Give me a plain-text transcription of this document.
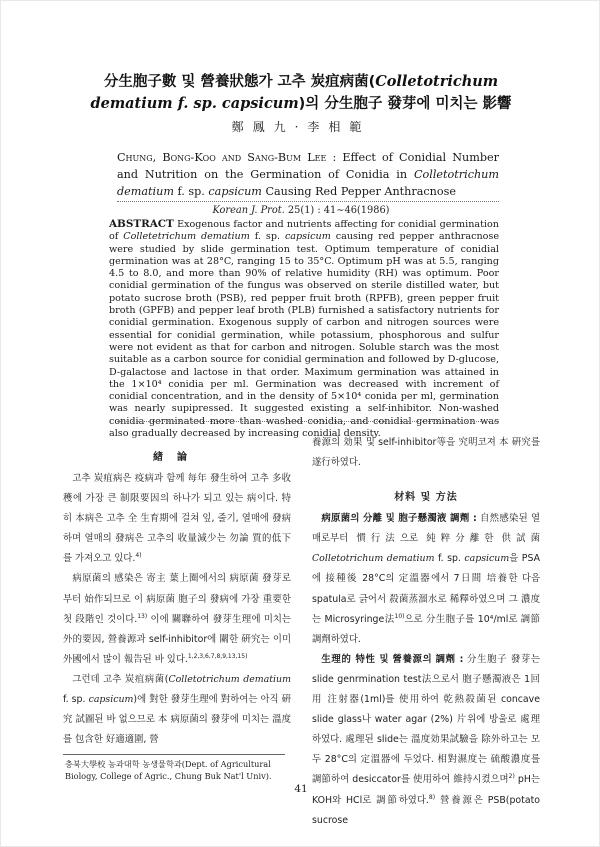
分生胞子數 및 營養狀態가 고추 炭疽病菌(Colletotrichum
dematium f. sp. capsicum)의 分生胞子 發芽에 미치는 影響
鄭鳳九·李相範
Chung, Bong-Koo and Sang-Bum Lee : Effect of Conidial Number and Nutrition on the Germination of Conidia in Colletotrichum dematium f. sp. capsicum Causing Red Pepper Anthracnose
Korean J. Prot. 25(1) : 41∼46(1986)
ABSTRACT Exogenous factor and nutrients affecting for conidial germination of Colletetrichum dematium f. sp. capsicum causing red pepper anthracnose were studied by slide germination test. Optimum temperature of conidial germination was at 28°C, ranging 15 to 35°C. Optimum pH was at 5.5, ranging 4.5 to 8.0, and more than 90% of relative humidity (RH) was optimum. Poor conidial germination of the fungus was observed on sterile distilled water, but potato sucrose broth (PSB), red pepper fruit broth (RPFB), green pepper fruit broth (GPFB) and pepper leaf broth (PLB) furnished a satisfactory nutrients for conidial germination. Exogenous supply of carbon and nitrogen sources were essential for conidial germination, while potassium, phosphorous and sulfur were not evident as that for carbon and nitrogen. Soluble starch was the most suitable as a carbon source for conidial germination and followed by D-glucose, D-galactose and lactose in that order. Maximum germination was attained in the 1×10⁴ conidia per ml. Germination was decreased with increment of conidial concentration, and in the density of 5×10⁴ conida per ml, germination was nearly supipressed. It suggested existing a self-inhibitor. Non-washed conidia germinated more than washed conidia, and conidial germination was also gradually decreased by increasing conidial density.
緖論

고추 炭疽病은 疫病과 함께 每年 發生하여 고추 多收穫에 가장 큰 制限要因의 하나가 되고 있는 病이다. 特히 本病은 고추 全 生育期에 걸쳐 잎, 줄기, 열매에 發病하며 열매의 發病은 고추의 收量減少는 勿論 質的低下를 가져오고 있다.$^{4)}$

病原菌의 感染은 寄主 葉上圈에서의 病原菌 發芽로부터 始作되므로 이 病原菌 胞子의 發病에 가장 重要한 첫 段階인 것이다.$^{13)}$ 이에 關聯하여 發芽生理에 미치는 外的要因, 營養源과 self-inhibitor에 關한 硏究는 이미 外國에서 많이 報告된 바 있다.$^{1,2,3,6,7,8,9,13,15)}$

그런데 고추 炭疽病菌(Colletotrichum dematium f. sp. capsicum)에 對한 發芽生理에 對하여는 아직 硏究 試圖된 바 없으므로 本 病原菌의 發芽에 미치는 溫度를 包含한 好適適圍, 營

養源의 効果 및 self-inhibitor等을 究明코져 本 硏究를 遂行하였다.

材料 및 方法

病原菌의 分離 및 胞子懸濁液 調劑 : 自然感染된 열매로부터 慣行法으로 純粹分離한 供試菌 Colletotrichum dematium f. sp. capsicum을 PSA에 接種後 28°C의 定溫器에서 7日間 培養한 다음 spatula로 긁어서 殺菌蒸溜水로 稀釋하였으며 그 濃度는 Microsyringe法$^{10)}$으로 分生胞子를 10⁴/ml로 調節 調劑하였다.

生理的 特性 및 營養源의 調劑 : 分生胞子 發芽는 slide genrmination test法으로서 胞子懸濁液은 1回用 注射器(1ml)를 使用하여 乾熱殺菌된 concave slide glass나 water agar (2%) 片위에 방울로 處理하였다. 處理된 slide는 溫度効果試驗을 除外하고는 모두 28°C의 定溫器에 두었다. 相對濕度는 硫酸濃度를 調節하여 desiccator를 使用하여 維持시켰으며$^{2)}$ pH는 KOH와 HCl로 調節하였다.$^{8)}$ 營養源은 PSB(potato sucrose

충북大學校 농과대학 농생물학과(Dept. of Agricultural Biology, College of Agric., Chung Buk Nat'l Univ).
41
